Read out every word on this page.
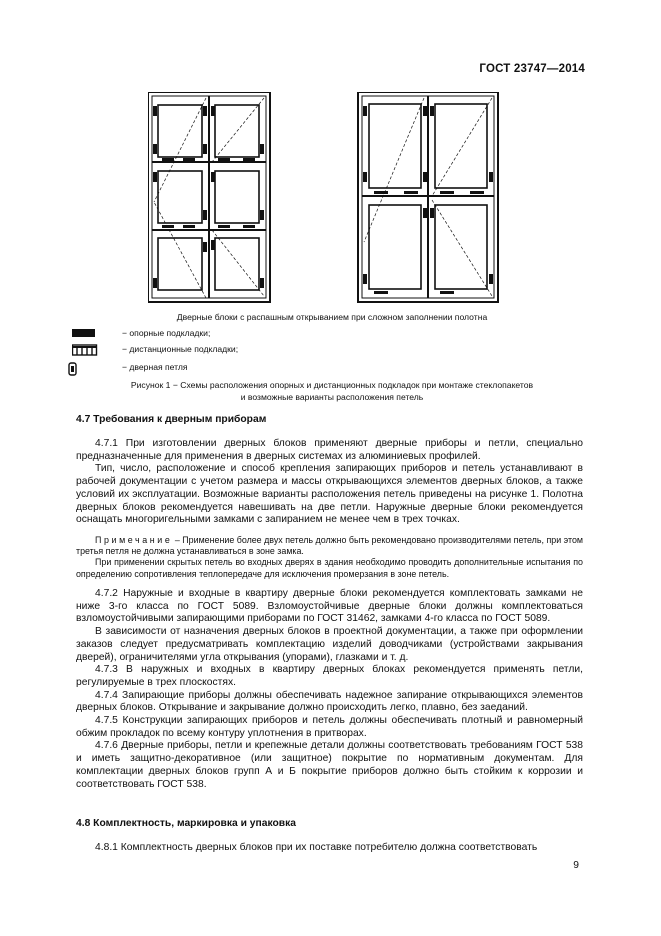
ГОСТ 23747—2014
Дверные блоки с распашным открыванием при сложном заполнении полотна
− опорные подкладки;
− дистанционные подкладки;
− дверная петля
Рисунок 1 − Схемы расположения опорных и дистанционных подкладок при монтаже стеклопакетов
и возможные варианты расположения петель
4.7 Требования к дверным приборам

4.7.1 При изготовлении дверных блоков применяют дверные приборы и петли, специально предназначенные для применения в дверных системах из алюминиевых профилей.

Тип, число, расположение и способ крепления запирающих приборов и петель устанавливают в рабочей документации с учетом размера и массы открывающихся элементов дверных блоков, а также условий их эксплуатации. Возможные варианты расположения петель приведены на рисунке 1. Полотна дверных блоков рекомендуется навешивать на две петли. Наружные дверные блоки рекомендуется оснащать многоригельными замками с запиранием не менее чем в трех точках.

Примечание – Применение более двух петель должно быть рекомендовано производителями петель, при этом третья петля не должна устанавливаться в зоне замка.

При применении скрытых петель во входных дверях в здания необходимо проводить дополнительные испытания по определению сопротивления теплопередаче для исключения промерзания в зоне петель.

4.7.2 Наружные и входные в квартиру дверные блоки рекомендуется комплектовать замками не ниже 3-го класса по ГОСТ 5089. Взломоустойчивые дверные блоки должны комплектоваться взломоустойчивыми запирающими приборами по ГОСТ 31462, замками 4-го класса по ГОСТ 5089.

В зависимости от назначения дверных блоков в проектной документации, а также при оформлении заказов следует предусматривать комплектацию изделий доводчиками (устройствами закрывания дверей), ограничителями угла открывания (упорами), глазками и т. д.

4.7.3 В наружных и входных в квартиру дверных блоках рекомендуется применять петли, регулируемые в трех плоскостях.

4.7.4 Запирающие приборы должны обеспечивать надежное запирание открывающихся элементов дверных блоков. Открывание и закрывание должно происходить легко, плавно, без заеданий.

4.7.5 Конструкции запирающих приборов и петель должны обеспечивать плотный и равномерный обжим прокладок по всему контуру уплотнения в притворах.

4.7.6 Дверные приборы, петли и крепежные детали должны соответствовать требованиям ГОСТ 538 и иметь защитно-декоративное (или защитное) покрытие по нормативным документам. Для комплектации дверных блоков групп А и Б покрытие приборов должно быть стойким к коррозии и соответствовать ГОСТ 538.

4.8 Комплектность, маркировка и упаковка

4.8.1 Комплектность дверных блоков при их поставке потребителю должна соответствовать

9
